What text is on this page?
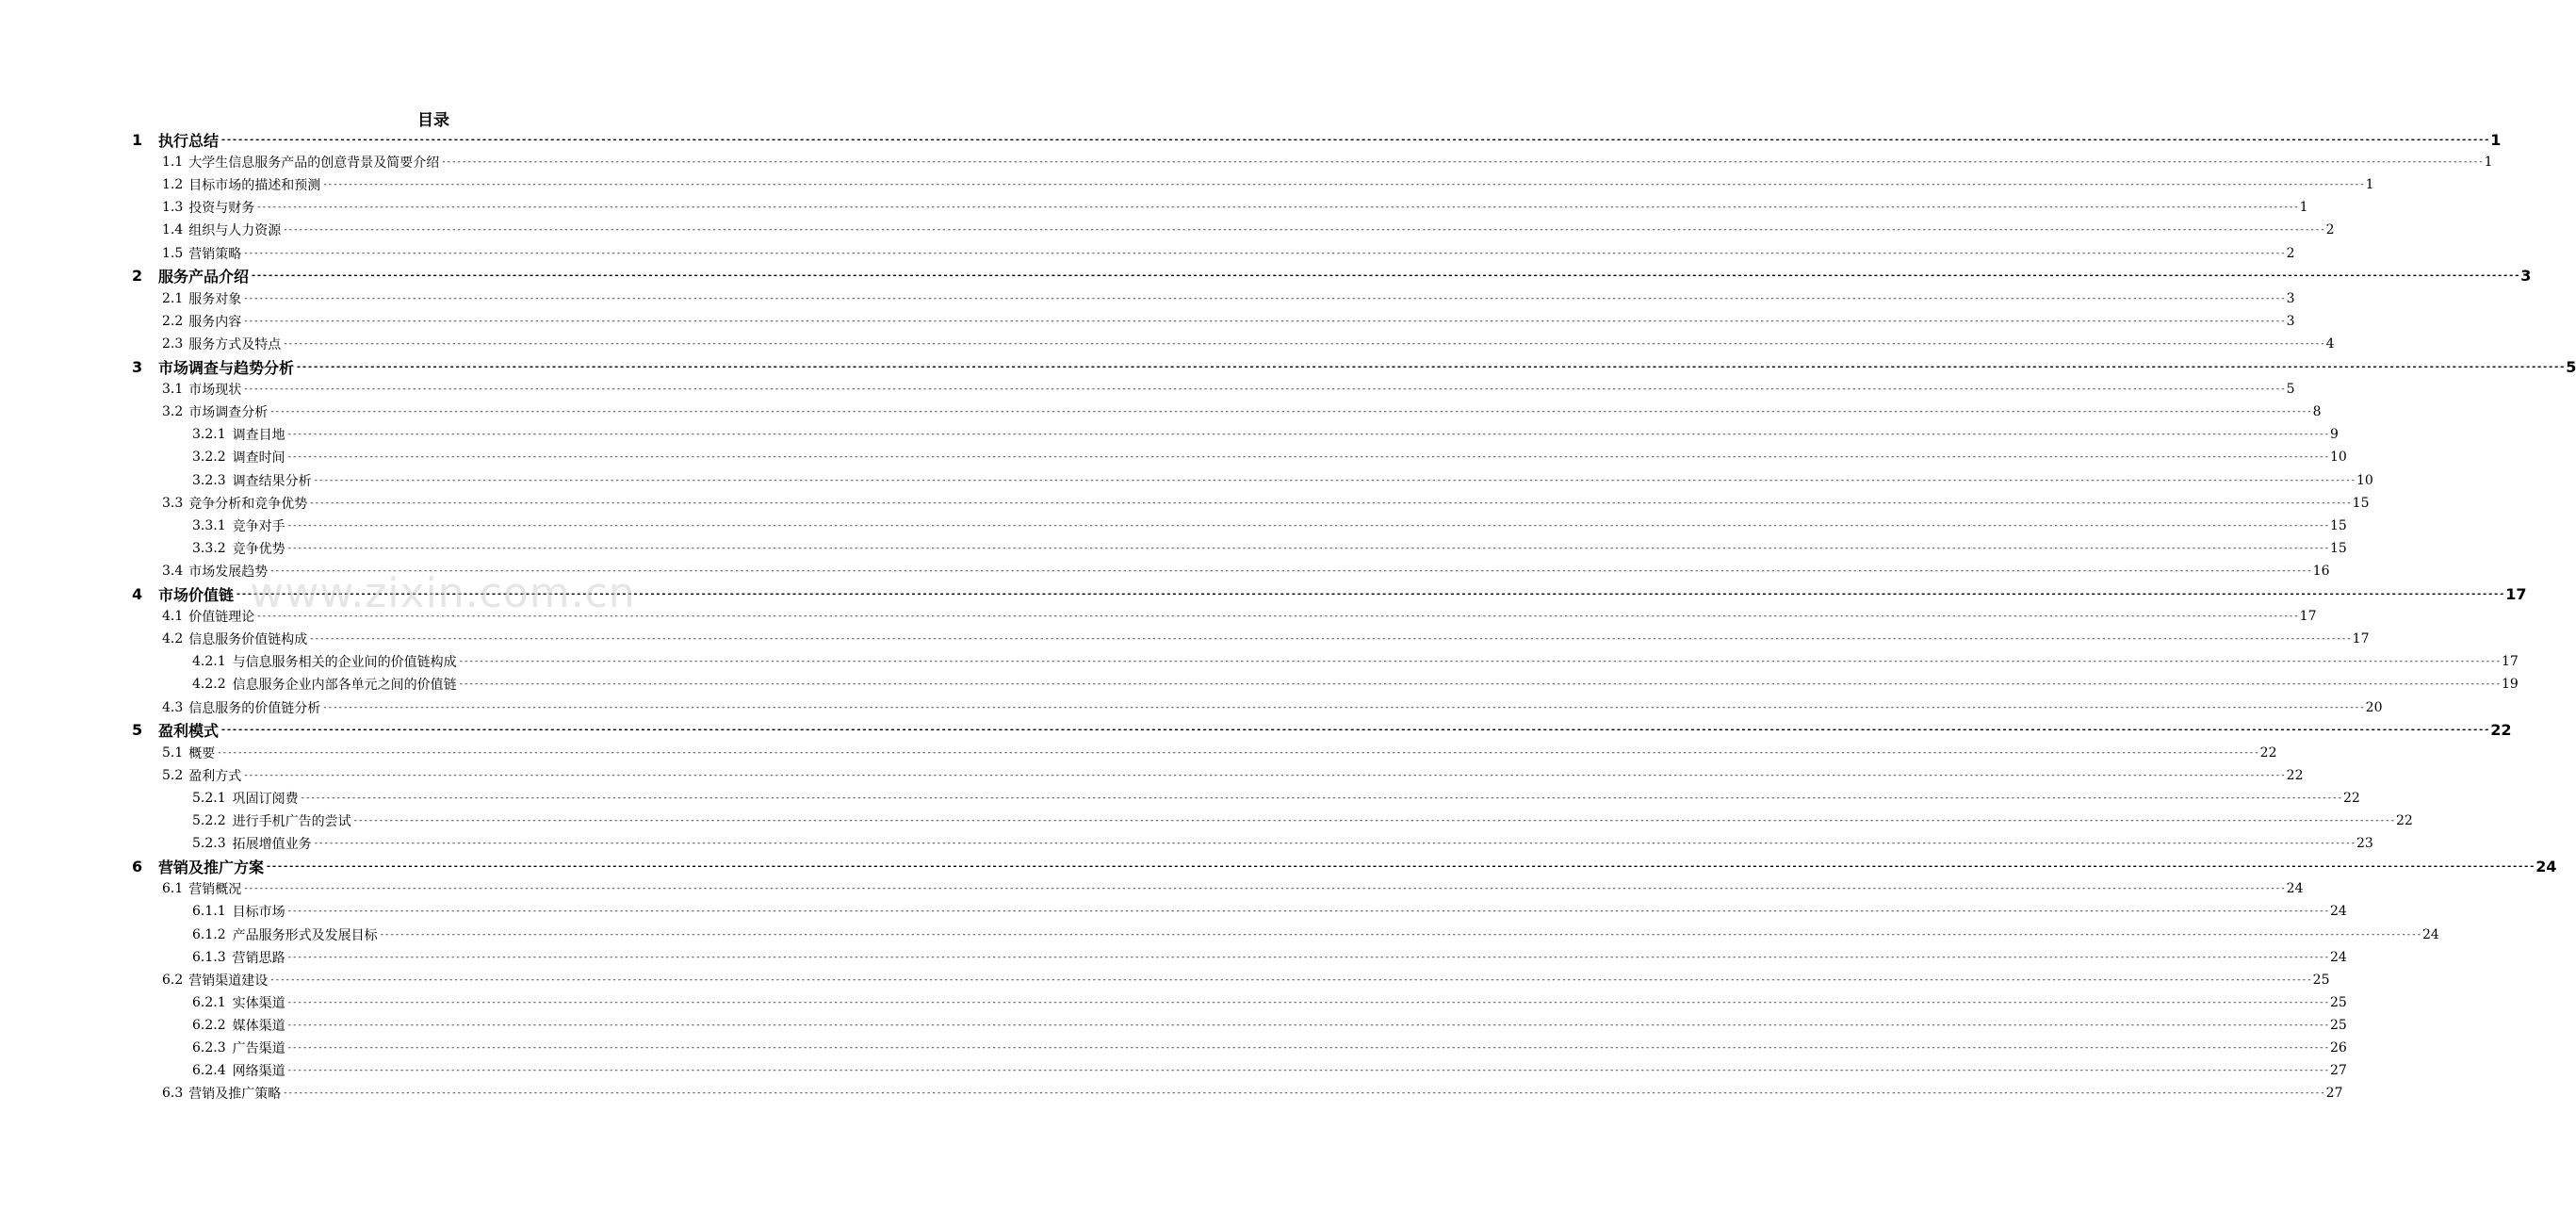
目录
1	执行总结 ---------------------------------------------------------------------------------------------------------------------------------------------------------------------------------------------------------------------------------------------------------------------------------------------------------------------------------------------------------------------------------------------------------------- 1
1.1 大学生信息服务产品的创意背景及简要介绍 ---------------------------------------------------------------------------------------------------------------------------------------------------------------------------------------------------------------------------------------------------------------------------------------------------------------------------------------------------------------------------------------------------------------- 1
1.2 目标市场的描述和预测 ---------------------------------------------------------------------------------------------------------------------------------------------------------------------------------------------------------------------------------------------------------------------------------------------------------------------------------------------------------------------------------------------------------------- 1
1.3 投资与财务 ---------------------------------------------------------------------------------------------------------------------------------------------------------------------------------------------------------------------------------------------------------------------------------------------------------------------------------------------------------------------------------------------------------------- 1
1.4 组织与人力资源 ---------------------------------------------------------------------------------------------------------------------------------------------------------------------------------------------------------------------------------------------------------------------------------------------------------------------------------------------------------------------------------------------------------------- 2
1.5 营销策略 ---------------------------------------------------------------------------------------------------------------------------------------------------------------------------------------------------------------------------------------------------------------------------------------------------------------------------------------------------------------------------------------------------------------- 2
2	服务产品介绍 ---------------------------------------------------------------------------------------------------------------------------------------------------------------------------------------------------------------------------------------------------------------------------------------------------------------------------------------------------------------------------------------------------------------- 3
2.1 服务对象 ---------------------------------------------------------------------------------------------------------------------------------------------------------------------------------------------------------------------------------------------------------------------------------------------------------------------------------------------------------------------------------------------------------------- 3
2.2 服务内容 ---------------------------------------------------------------------------------------------------------------------------------------------------------------------------------------------------------------------------------------------------------------------------------------------------------------------------------------------------------------------------------------------------------------- 3
2.3 服务方式及特点 ---------------------------------------------------------------------------------------------------------------------------------------------------------------------------------------------------------------------------------------------------------------------------------------------------------------------------------------------------------------------------------------------------------------- 4
3	市场调查与趋势分析 ---------------------------------------------------------------------------------------------------------------------------------------------------------------------------------------------------------------------------------------------------------------------------------------------------------------------------------------------------------------------------------------------------------------- 5
3.1 市场现状 ---------------------------------------------------------------------------------------------------------------------------------------------------------------------------------------------------------------------------------------------------------------------------------------------------------------------------------------------------------------------------------------------------------------- 5
3.2 市场调查分析 ---------------------------------------------------------------------------------------------------------------------------------------------------------------------------------------------------------------------------------------------------------------------------------------------------------------------------------------------------------------------------------------------------------------- 8
3.2.1 调查目地 ---------------------------------------------------------------------------------------------------------------------------------------------------------------------------------------------------------------------------------------------------------------------------------------------------------------------------------------------------------------------------------------------------------------- 9
3.2.2 调查时间 ---------------------------------------------------------------------------------------------------------------------------------------------------------------------------------------------------------------------------------------------------------------------------------------------------------------------------------------------------------------------------------------------------------------- 10
3.2.3 调查结果分析 ---------------------------------------------------------------------------------------------------------------------------------------------------------------------------------------------------------------------------------------------------------------------------------------------------------------------------------------------------------------------------------------------------------------- 10
3.3 竞争分析和竞争优势 ---------------------------------------------------------------------------------------------------------------------------------------------------------------------------------------------------------------------------------------------------------------------------------------------------------------------------------------------------------------------------------------------------------------- 15
3.3.1 竞争对手 ---------------------------------------------------------------------------------------------------------------------------------------------------------------------------------------------------------------------------------------------------------------------------------------------------------------------------------------------------------------------------------------------------------------- 15
3.3.2 竞争优势 ---------------------------------------------------------------------------------------------------------------------------------------------------------------------------------------------------------------------------------------------------------------------------------------------------------------------------------------------------------------------------------------------------------------- 15
3.4 市场发展趋势 ---------------------------------------------------------------------------------------------------------------------------------------------------------------------------------------------------------------------------------------------------------------------------------------------------------------------------------------------------------------------------------------------------------------- 16
4	市场价值链 ---------------------------------------------------------------------------------------------------------------------------------------------------------------------------------------------------------------------------------------------------------------------------------------------------------------------------------------------------------------------------------------------------------------- 17
4.1 价值链理论 ---------------------------------------------------------------------------------------------------------------------------------------------------------------------------------------------------------------------------------------------------------------------------------------------------------------------------------------------------------------------------------------------------------------- 17
4.2 信息服务价值链构成 ---------------------------------------------------------------------------------------------------------------------------------------------------------------------------------------------------------------------------------------------------------------------------------------------------------------------------------------------------------------------------------------------------------------- 17
4.2.1 与信息服务相关的企业间的价值链构成 ---------------------------------------------------------------------------------------------------------------------------------------------------------------------------------------------------------------------------------------------------------------------------------------------------------------------------------------------------------------------------------------------------------------- 17
4.2.2 信息服务企业内部各单元之间的价值链 ---------------------------------------------------------------------------------------------------------------------------------------------------------------------------------------------------------------------------------------------------------------------------------------------------------------------------------------------------------------------------------------------------------------- 19
4.3 信息服务的价值链分析 ---------------------------------------------------------------------------------------------------------------------------------------------------------------------------------------------------------------------------------------------------------------------------------------------------------------------------------------------------------------------------------------------------------------- 20
5	盈利模式 ---------------------------------------------------------------------------------------------------------------------------------------------------------------------------------------------------------------------------------------------------------------------------------------------------------------------------------------------------------------------------------------------------------------- 22
5.1 概要 ---------------------------------------------------------------------------------------------------------------------------------------------------------------------------------------------------------------------------------------------------------------------------------------------------------------------------------------------------------------------------------------------------------------- 22
5.2 盈利方式 ---------------------------------------------------------------------------------------------------------------------------------------------------------------------------------------------------------------------------------------------------------------------------------------------------------------------------------------------------------------------------------------------------------------- 22
5.2.1 巩固订阅费 ---------------------------------------------------------------------------------------------------------------------------------------------------------------------------------------------------------------------------------------------------------------------------------------------------------------------------------------------------------------------------------------------------------------- 22
5.2.2 进行手机广告的尝试 ---------------------------------------------------------------------------------------------------------------------------------------------------------------------------------------------------------------------------------------------------------------------------------------------------------------------------------------------------------------------------------------------------------------- 22
5.2.3 拓展增值业务 ---------------------------------------------------------------------------------------------------------------------------------------------------------------------------------------------------------------------------------------------------------------------------------------------------------------------------------------------------------------------------------------------------------------- 23
6	营销及推广方案 ---------------------------------------------------------------------------------------------------------------------------------------------------------------------------------------------------------------------------------------------------------------------------------------------------------------------------------------------------------------------------------------------------------------- 24
6.1 营销概况 ---------------------------------------------------------------------------------------------------------------------------------------------------------------------------------------------------------------------------------------------------------------------------------------------------------------------------------------------------------------------------------------------------------------- 24
6.1.1 目标市场 ---------------------------------------------------------------------------------------------------------------------------------------------------------------------------------------------------------------------------------------------------------------------------------------------------------------------------------------------------------------------------------------------------------------- 24
6.1.2 产品服务形式及发展目标 ---------------------------------------------------------------------------------------------------------------------------------------------------------------------------------------------------------------------------------------------------------------------------------------------------------------------------------------------------------------------------------------------------------------- 24
6.1.3 营销思路 ---------------------------------------------------------------------------------------------------------------------------------------------------------------------------------------------------------------------------------------------------------------------------------------------------------------------------------------------------------------------------------------------------------------- 24
6.2 营销渠道建设 ---------------------------------------------------------------------------------------------------------------------------------------------------------------------------------------------------------------------------------------------------------------------------------------------------------------------------------------------------------------------------------------------------------------- 25
6.2.1 实体渠道 ---------------------------------------------------------------------------------------------------------------------------------------------------------------------------------------------------------------------------------------------------------------------------------------------------------------------------------------------------------------------------------------------------------------- 25
6.2.2 媒体渠道 ---------------------------------------------------------------------------------------------------------------------------------------------------------------------------------------------------------------------------------------------------------------------------------------------------------------------------------------------------------------------------------------------------------------- 25
6.2.3 广告渠道 ---------------------------------------------------------------------------------------------------------------------------------------------------------------------------------------------------------------------------------------------------------------------------------------------------------------------------------------------------------------------------------------------------------------- 26
6.2.4 网络渠道 ---------------------------------------------------------------------------------------------------------------------------------------------------------------------------------------------------------------------------------------------------------------------------------------------------------------------------------------------------------------------------------------------------------------- 27
6.3 营销及推广策略 ---------------------------------------------------------------------------------------------------------------------------------------------------------------------------------------------------------------------------------------------------------------------------------------------------------------------------------------------------------------------------------------------------------------- 27
www.zixin.com.cn
